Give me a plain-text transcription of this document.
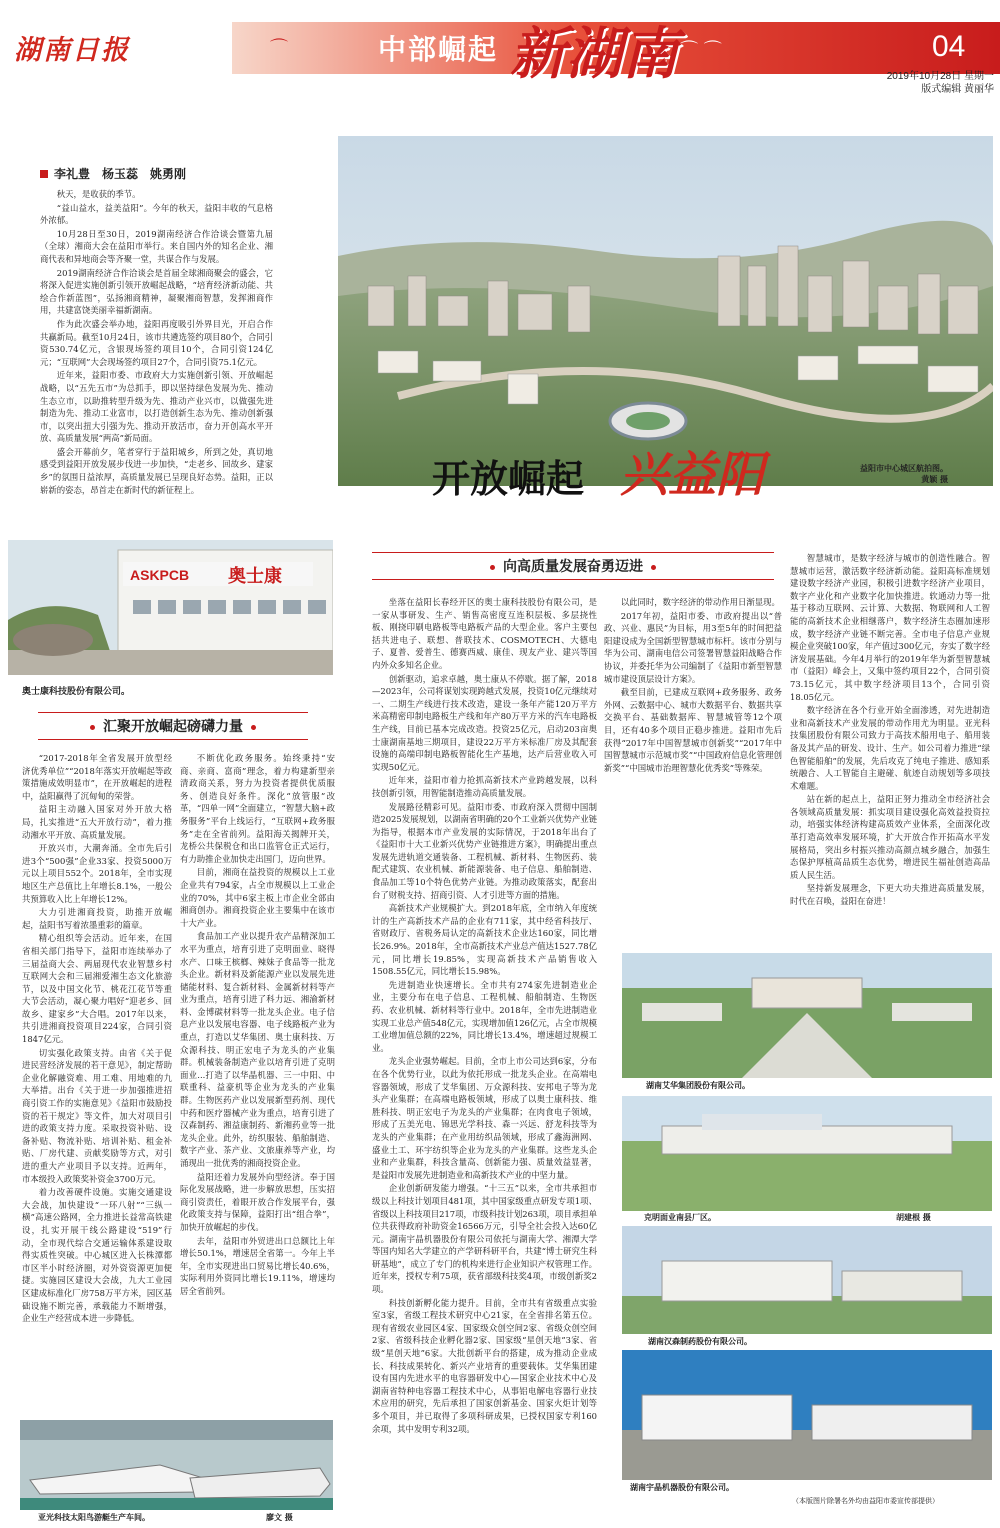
湖南日报	⌒	中部崛起 新湖南 ⌒ ⌒	04
2019年10月28日 星期一
版式编辑 黄丽华
李礼豊　杨玉蕊　姚勇刚

秋天，是收获的季节。

“益山益水，益美益阳”。今年的秋天，益阳丰收的气息格外浓郁。

10月28日至30日，2019湖南经济合作洽谈会暨第九届（全球）湘商大会在益阳市举行。来自国内外的知名企业、湘商代表和异地商会等齐聚一堂，共谋合作与发展。

2019湖南经济合作洽谈会是首届全球湘商聚会的盛会，它将深入促进实施创新引领开放崛起战略，“培育经济新动能、共绘合作新蓝图”，弘扬湘商精神，凝聚湘商智慧，发挥湘商作用，共建富饶美丽幸福新湖南。

作为此次盛会举办地，益阳再度吸引外界目光，开启合作共赢新局。截至10月24日，该市共遴选签约项目80个，合同引资530.74亿元，含银现场签约项目10个，合同引资124亿元；“互联网”大会现场签约项目27个，合同引资75.1亿元。

近年来，益阳市委、市政府大力实施创新引领、开放崛起战略，以“五先五市”为总抓手，即以坚持绿色发展为先、推动生态立市，以助推转型升级为先、推动产业兴市，以做强先进制造为先、推动工业富市，以打造创新生态为先、推动创新强市，以突出扭大引强为先、推动开放活市，奋力开创高水平开放、高质量发展“两高”新局面。

盛会开幕前夕，笔者穿行于益阳城乡，所到之处，真切地感受到益阳开放发展步伐进一步加快，“走老乡、回故乡、建家乡”的氛围日益浓厚，高质量发展已呈现良好态势。益阳，正以崭新的姿态，昂首走在新时代的新征程上。	开放崛起 兴益阳	益阳市中心城区航拍图。
黄颖 摄
ASKPCB 奥士康
奥士康科技股份有限公司。
汇聚开放崛起磅礴力量

“2017-2018年全省发展开放型经济优秀单位”“2018年落实开放崛起等政策措施成效明显市”，在开放崛起的进程中，益阳赢得了沉甸甸的荣誉。

益阳主动融入国家对外开放大格局，扎实推进“五大开放行动”，着力推动湘水平开放、高质量发展。

开放兴市，大潮奔涌。全市先后引进3个“500强”企业33家、投资5000万元以上项目552个。2018年，全市实现地区生产总值比上年增长8.1%，一般公共预算收入比上年增长12%。

大力引进湘商投资，助推开放崛起，益阳书写着浓墨重彩的篇章。

精心组织等会活动。近年来，在国省相关部门指导下，益阳市连续举办了三届益商大会、两届现代农业智慧乡村互联网大会和三届湘爱湘生态文化旅游节，以及中国文化节、桃花江花节等重大节会活动，凝心聚力唱好“迎老乡、回故乡、建家乡”大合唱。2017年以来，共引进湘商投资项目224家，合同引资1847亿元。

切实强化政策支持。由省《关于促进民营经济发展的若干意见》，制定帮助企业化解融资难、用工难、用地难的九大举措。出台《关于进一步加强推进招商引资工作的实施意见》《益阳市鼓励投资的若干规定》等文件，加大对项目引进的政策支持力度。采取投资补贴、设备补贴、物流补贴、培训补贴、租金补贴、厂房代建、贡献奖励等方式，对引进的重大产业项目予以支持。近两年，市本级投入政策奖补资金3700万元。

着力改善硬件设施。实施交通建设大会战，加快建设“一环八射”“三纵一横”高速公路网，全力推进长益常高铁建设，扎实开展干线公路建设“519”行动，全市现代综合交通运输体系建设取得实质性突破。中心城区进入长株潭都市区半小时经济圈，对外资资源更加便捷。实施园区建设大会战，九大工业园区建成标准化厂房758万平方米，园区基础设施不断完善，承载能力不断增强，企业生产经营成本进一步降低。

不断优化政务服务。始终秉持“安商、亲商、富商”理念，着力构建新型亲清政商关系，努力为投资者提供优质服务、创造良好条件。深化“放管服”改革，“四单一网”全面建立，“智慧大脑+政务服务”平台上线运行，“互联网+政务服务”走在全省前列。益阳海关揭牌开关，龙桥公共保税仓和出口监管仓正式运行，有力助推企业加快走出国门，迈向世界。

目前，湘商在益投资的规模以上工业企业共有794家，占全市规模以上工业企业的70%，其中6家主板上市企业全部由湘商创办。湘商投资企业主要集中在该市十大产业。

食品加工产业以提升农产品精深加工水平为重点，培育引进了克明面业、晓得水产、口味王槟榔、辣妹子食品等一批龙头企业。新材料及新能源产业以发展先进储能材料、复合新材料、金属新材料等产业为重点，培育引进了科力远、湘渝新材料、金博碳材料等一批龙头企业。电子信息产业以发展电容器、电子线路板产业为重点，打造以艾华集团、奥士康科技、万众源科技、明正宏电子为龙头的产业集群。机械装备制造产业以培育引进了克明面业...打造了以华晶机器、三一中阳、中联重科、益豪机等企业为龙头的产业集群。生物医药产业以发展新型药剂、现代中药和医疗器械产业为重点，培育引进了汉森制药、湘益康制药、新湘药业等一批龙头企业。此外，纺织服装、船舶制造、数字产业、茶产业、文旅康养等产业，均涌现出一批优秀的湘商投资企业。

益阳还着力发展外向型经济。奉于国际化发展战略，进一步解放思想，压实招商引资责任，着眼开放合作发展平台，强化政策支持与保障，益阳打出“组合拳”，加快开放崛起的步伐。

去年，益阳市外贸进出口总额比上年增长50.1%，增速居全省第一。今年上半年，全市实现进出口贸易比增长40.6%，实际利用外资同比增长19.11%，增速均居全省前列。

亚光科技太阳鸟游艇生产车间。	廖文 摄
向高质量发展奋勇迈进

坐落在益阳长春经开区的奥士康科技股份有限公司，是一家从事研发、生产、销售高密度互连积层板、多层挠性板、刚挠印刷电路板等电路板产品的大型企业。客户主要包括共进电子、联想、普联技术、COSMOTECH、大德电子、夏普、爱普生、德赛西威、康佳、现友产业、建兴等国内外众多知名企业。

创新驱动，追求卓越，奥士康从不停歇。据了解，2018—2023年，公司将谋划实现跨越式发展，投资10亿元继续对一、二期生产线进行技术改造，建设一条年产能120万平方米高精密印制电路板生产线和年产80万平方米的汽车电路板生产线，目前已基本完成改造。投资25亿元，启动203亩奥士康湖南基地三期项目，建设22万平方米标准厂房及其配套设施的高端印制电路板智能化生产基地，达产后营业收入可实现50亿元。

近年来，益阳市着力抢抓高新技术产业跨越发展，以科技创新引领，用智能制造推动高质量发展。

发展路径精彩可见。益阳市委、市政府深入贯彻中国制造2025发展规划，以湖南省明确的20个工业新兴优势产业链为指导，根据本市产业发展的实际情况，于2018年出台了《益阳市十大工业新兴优势产业链推进方案》，明确提出重点发展先进轨道交通装备、工程机械、新材料、生物医药、装配式建筑、农业机械、新能源装备、电子信息、船舶制造、食品加工等10个特色优势产业链。为推动政策落实，配套出台了财税支持、招商引资、人才引进等方面的措施。

高新技术产业规模扩大。到2018年底，全市纳入年度统计的生产高新技术产品的企业有711家，其中经省科技厅、省财政厅、省税务局认定的高新技术企业达160家，同比增长26.9%。2018年，全市高新技术产业总产值达1527.78亿元，同比增长19.85%，实现高新技术产品销售收入1508.55亿元，同比增长15.98%。

先进制造业快速增长。全市共有274家先进制造业企业，主要分布在电子信息、工程机械、船舶制造、生物医药、农业机械、新材料等行业中。2018年，全市先进制造业实现工业总产值548亿元，实现增加值126亿元，占全市规模工业增加值总额的22%，同比增长13.4%，增速超过规模工业。

龙头企业强势崛起。目前，全市上市公司达到6家，分布在各个优势行业，以此为依托形成一批龙头企业。在高端电容器领域，形成了艾华集团、万众源科技、安邦电子等为龙头产业集群；在高端电路板领域，形成了以奥士康科技、维胜科技、明正宏电子为龙头的产业集群；在肉食电子领域，形成了五美光电、锦思光学科技、森一兴远、舒龙科技等为龙头的产业集群；在产业用纺织品领域，形成了鑫海洲网、盛业土工、环宇纺织等企业为龙头的产业集群。这些龙头企业和产业集群，科技含量高、创新能力强、质量效益显著，是益阳市发展先进制造业和高新技术产业的中坚力量。

企业创新研发能力增强。“十三五”以来，全市共承担市级以上科技计划项目481项，其中国家级重点研发专项1项、省级以上科技项目217项，市级科技计划263项，项目承担单位共获得政府补助资金16566万元，引导全社会投入达60亿元。湖南宇晶机器股份有限公司依托与湖南大学、湘潭大学等国内知名大学建立的产学研科研平台，共建“博士研究生科研基地”，成立了专门的机构来进行企业知识产权管理工作。近年来，授权专利75项，获省部级科技奖4项，市级创新奖2项。

科技创新孵化能力提升。目前，全市共有省级重点实验室3家，省级工程技术研究中心21家，在全省排名第五位。现有省级农业园区4家、国家级众创空间2家、省级众创空间2家、省级科技企业孵化器2家、国家级“星创天地”3家、省级“星创天地”6家。大批创新平台的搭建，成为推动企业成长、科技成果转化、新兴产业培育的重要载体。艾华集团建设有国内先进水平的电容器研发中心—国家企业技术中心及湖南省特种电容器工程技术中心，从事铝电解电容器行业技术应用的研究，先后承担了国家创新基金、国家火炬计划等多个项目，并已取得了多项科研成果，已授权国家专利160余项，其中发明专利32项。

以此同时，数字经济的带动作用日渐显现。

2017年初，益阳市委、市政府提出以“普政、兴业、惠民”为目标，用3至5年的时间把益阳建设成为全国新型智慧城市标杆。该市分别与华为公司、湖南电信公司签署智慧益阳战略合作协议，并委托华为公司编制了《益阳市新型智慧城市建设顶层设计方案》。

截至目前，已建成互联网+政务服务、政务外网、云数据中心、城市大数据平台、数据共享交换平台、基础数据库、智慧城管等12个项目，还有40多个项目正稳步推进。益阳市先后获得“2017年中国智慧城市创新奖”“2017年中国智慧城市示范城市奖”“中国政府信息化管理创新奖”“中国城市治理智慧化优秀奖”等殊荣。

智慧城市，是数字经济与城市的创造性融合。智慧城市运营，激活数字经济新动能。益阳高标准规划建设数字经济产业园，积极引进数字经济产业项目，数字产业化和产业数字化加快推进。软通动力等一批基于移动互联网、云计算、大数据、物联网和人工智能的高新技术企业相继落户，数字经济生态圈加速形成，数字经济产业链不断完善。全市电子信息产业规模企业突破100家，年产值过300亿元，夯实了数字经济发展基础。今年4月举行的2019年华为新型智慧城市（益阳）峰会上，又集中签约项目22个，合同引资73.15亿元，其中数字经济项目13个，合同引资18.05亿元。

数字经济在各个行业开始全面渗透，对先进制造业和高新技术产业发展的带动作用尤为明显。亚光科技集团股份有限公司致力于高技术船用电子、船用装备及其产品的研发、设计、生产。如公司着力推进“绿色智能船舶”的发展，先后攻克了纯电子推进、感知系统融合、人工智能自主避碰、航迹自动规划等多项技术难题。

站在新的起点上，益阳正努力推动全市经济社会各领域高质量发展：抓实项目建设强化高效益投资拉动，培强实体经济构建高质效产业体系，全面深化改革打造高效率发展环境，扩大开放合作开拓高水平发展格局，突出乡村振兴推动高颜点城乡融合，加强生态保护厚植高品质生态优势，增进民生福祉创造高品质人民生活。

坚持新发展理念，下更大功夫推进高质量发展，时代在召唤，益阳在奋进！

湖南艾华集团股份有限公司。
克明面业南县厂区。	胡建根 摄
湖南汉森制药股份有限公司。
湖南宇晶机器股份有限公司。
（本版图片除署名外均由益阳市委宣传部提供）
